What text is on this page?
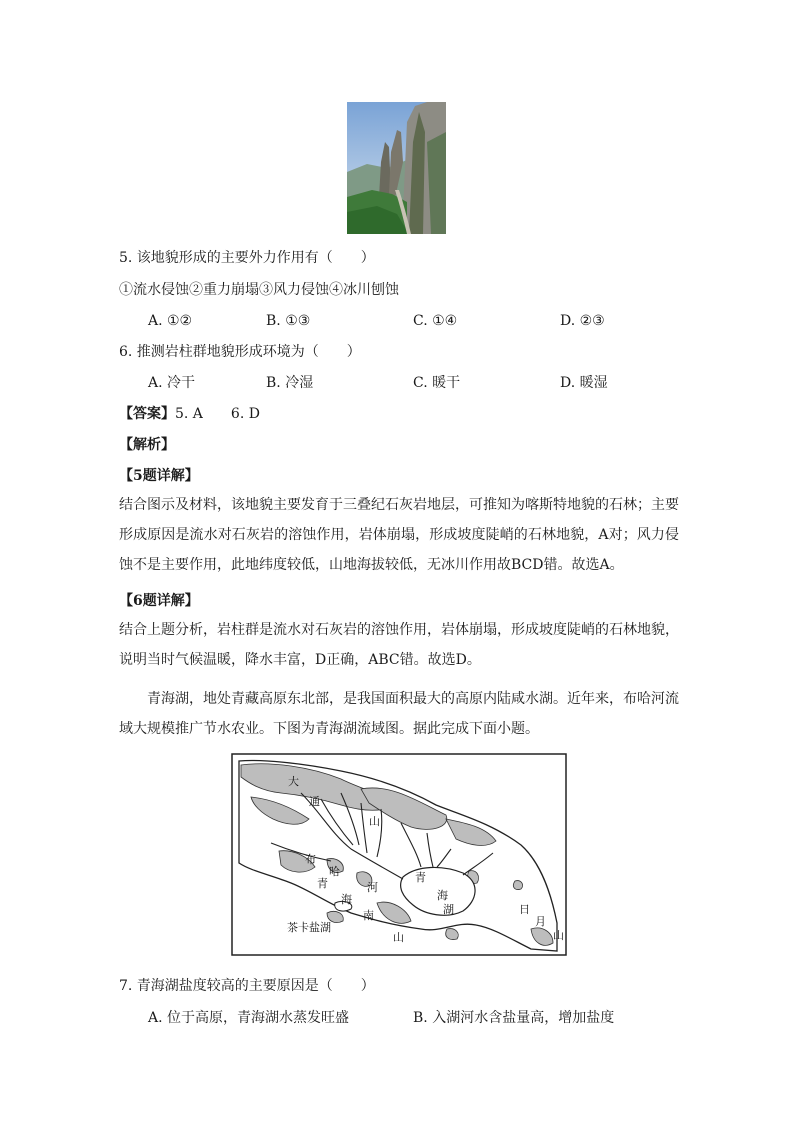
5. 该地貌形成的主要外力作用有（　　）
①流水侵蚀②重力崩塌③风力侵蚀④冰川刨蚀
A. ①②	B. ①③	C. ①④	D. ②③
6. 推测岩柱群地貌形成环境为（　　）
A. 冷干	B. 冷湿	C. 暖干	D. 暖湿
【答案】5. A　　6. D
【解析】
【5题详解】
结合图示及材料，该地貌主要发育于三叠纪石灰岩地层，可推知为喀斯特地貌的石林；主要形成原因是流水对石灰岩的溶蚀作用，岩体崩塌，形成坡度陡峭的石林地貌，A对；风力侵蚀不是主要作用，此地纬度较低，山地海拔较低，无冰川作用故BCD错。故选A。
【6题详解】
结合上题分析，岩柱群是流水对石灰岩的溶蚀作用，岩体崩塌，形成坡度陡峭的石林地貌，说明当时气候温暖，降水丰富，D正确，ABC错。故选D。
青海湖，地处青藏高原东北部，是我国面积最大的高原内陆咸水湖。近年来，布哈河流域大规模推广节水农业。下图为青海湖流域图。据此完成下面小题。
大
通
山
布
哈
青	河
海
南
山
青
海
湖	日
月
山
茶卡盐湖
7. 青海湖盐度较高的主要原因是（　　）
A. 位于高原，青海湖水蒸发旺盛	B. 入湖河水含盐量高，增加盐度
